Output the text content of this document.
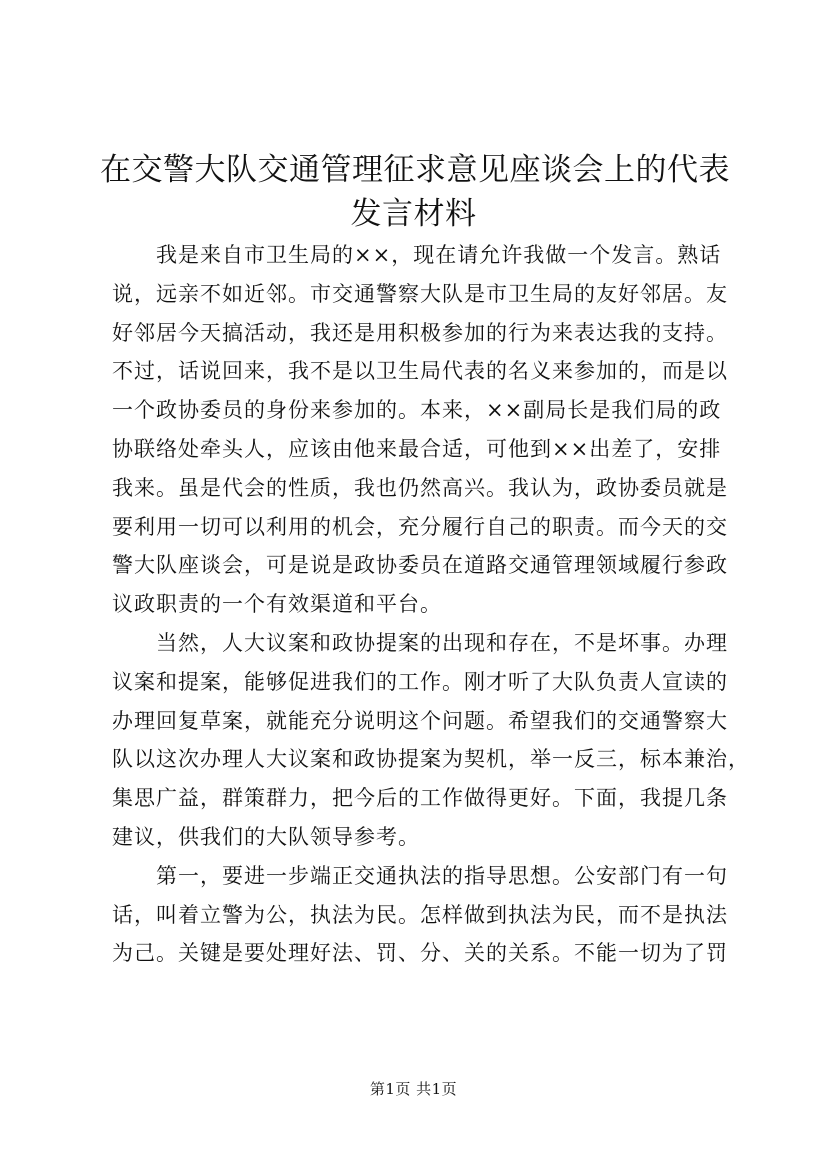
在交警大队交通管理征求意见座谈会上的代表
发言材料

我是来自市卫生局的××，现在请允许我做一个发言。熟话
说，远亲不如近邻。市交通警察大队是市卫生局的友好邻居。友
好邻居今天搞活动，我还是用积极参加的行为来表达我的支持。
不过，话说回来，我不是以卫生局代表的名义来参加的，而是以
一个政协委员的身份来参加的。本来，××副局长是我们局的政
协联络处牵头人，应该由他来最合适，可他到××出差了，安排
我来。虽是代会的性质，我也仍然高兴。我认为，政协委员就是
要利用一切可以利用的机会，充分履行自己的职责。而今天的交
警大队座谈会，可是说是政协委员在道路交通管理领域履行参政
议政职责的一个有效渠道和平台。

当然，人大议案和政协提案的出现和存在，不是坏事。办理
议案和提案，能够促进我们的工作。刚才听了大队负责人宣读的
办理回复草案，就能充分说明这个问题。希望我们的交通警察大
队以这次办理人大议案和政协提案为契机，举一反三，标本兼治，
集思广益，群策群力，把今后的工作做得更好。下面，我提几条
建议，供我们的大队领导参考。

第一，要进一步端正交通执法的指导思想。公安部门有一句
话，叫着立警为公，执法为民。怎样做到执法为民，而不是执法
为己。关键是要处理好法、罚、分、关的关系。不能一切为了罚

第1页 共1页
